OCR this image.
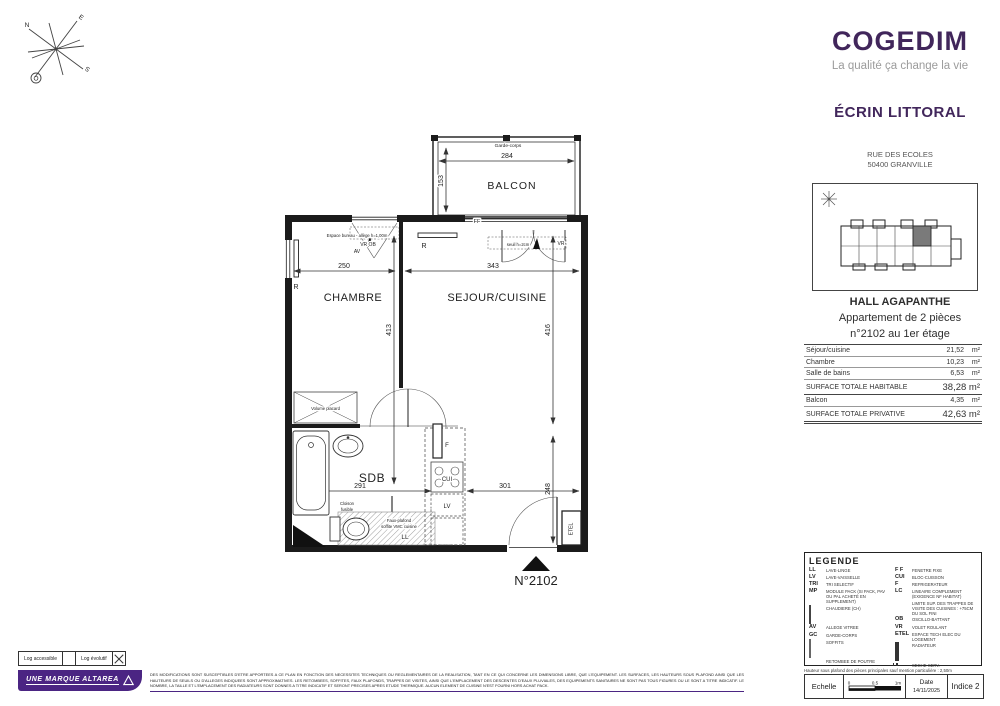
N
E
S
O
Garde-corps
284
153	BALCON
FF
Espace bureau - allège h=1,00m
VR OB
AV
seuil h=2cm	VR
R
R
250	343
413	416
248
291	301
CHAMBRE	SEJOUR/CUISINE
SDB
Volume placard
Cloison
fusible
Faux-plafond
soffite VMC cuisine
LL
F
CUI
LV
ETEL
N°2102
COGEDIM
La qualité ça change la vie
ÉCRIN LITTORAL
RUE DES ECOLES
50400 GRANVILLE
HALL AGAPANTHE
Appartement de 2 pièces
n°2102 au 1er étage
Séjour/cuisine	21,52	m²
Chambre	10,23	m²
Salle de bains	6,53	m²
SURFACE TOTALE HABITABLE	38,28 m²	
Balcon	4,35	m²
SURFACE TOTALE PRIVATIVE	42,63 m²	
LEGENDE
LL	LAVE-LINGE
LV	LAVE-VAISSELLE
TRI	TRI SELECTIF
MP	MODULE PACK (SI PACK, PAV OU PAL ACHETÉ EN SUPPLEMENT)
CHAUDIERE (CH)
AV	ALLEGE VITREE
GC	GARDE-CORPS
SOFFITS
RETOMBEE DE POUTRE
F F	FENETRE FIXE
CUI	BLOC-CUISSON
F	REFRIGERATEUR
LC	LINEAIRE COMPLEMENT (EXIGENCE NF HABITAT)
LIMITE SUP. DES TRAPPES DE VISITE DES CUISINES : +75CM DU SOL FINI
OB	OSCILLO-BATTANT
VR	VOLET ROULANT
ETEL ESPACE TECH ELEC DU LOGEMENT
RADIATEUR
SECHE-SERV.
Hauteur sous plafond des pièces principales sauf mention particulière : 2,50m
Echelle	0	0.5	1m	Date
14/11/2025	Indice 2
Log accessible	Log évolutif
UNE MARQUE ALTAREA
DES MODIFICATIONS SONT SUSCEPTIBLES D'ETRE APPORTEES A CE PLAN EN FONCTION DES NECESSITES TECHNIQUES OU REGLEMENTAIRES DE LA REALISATION, TANT EN CE QUI CONCERNE LES DIMENSIONS LIBRE, QUE L'EQUIPEMENT. LES SURFACES, LES HAUTEURS SOUS PLAFOND AINSI QUE LES HAUTEURS DE SEUILS OU D'ALLEGES INDIQUEES SONT APPROXIMATIVES. LES RETOMBEES, SOFFITES, FAUX PLAFONDS, TRAPPES DE VISITES, AINSI QUE L'EMPLACEMENT DES DESCENTES D'EAUX PLUVIALES, DES EQUIPEMENTS SANITAIRES NE SONT PAS TOUS FIGURES OU LE SONT A TITRE INDICATIF. LE NOMBRE, LA TAILLE ET L'EMPLACEMENT DES RADIATEURS SONT DONNES A TITRE INDICATIF ET SERONT PRECISES APRES ETUDE THERMIQUE. AUCUN ELEMENT DE CUISINE N'EST FOURNI HORS ACHAT PACK.
